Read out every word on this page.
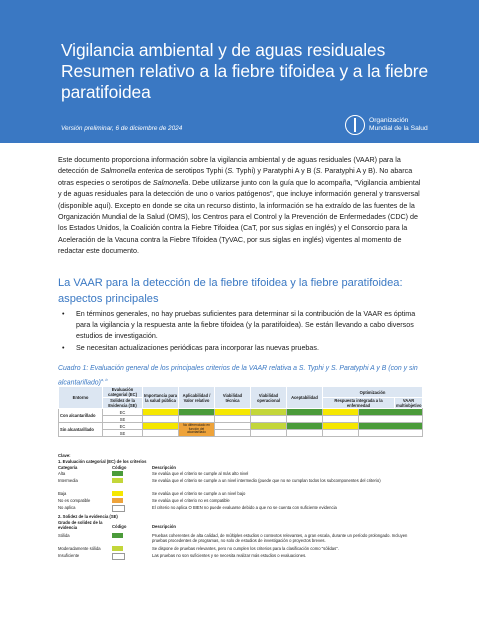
Vigilancia ambiental y de aguas residuales
Resumen relativo a la fiebre tifoidea y a la fiebre
paratifoidea
Versión preliminar, 6 de diciembre de 2024
Organización
Mundial de la Salud
Este documento proporciona información sobre la vigilancia ambiental y de aguas residuales (VAAR) para la detección de Salmonella enterica de serotipos Typhi (S. Typhi) y Paratyphi A y B (S. Paratyphi A y B). No abarca otras especies o serotipos de Salmonella. Debe utilizarse junto con la guía que lo acompaña, "Vigilancia ambiental y de aguas residuales para la detección de uno o varios patógenos", que incluye información general y transversal (disponible aquí). Excepto en donde se cita un recurso distinto, la información se ha extraído de las fuentes de la Organización Mundial de la Salud (OMS), los Centros para el Control y la Prevención de Enfermedades (CDC) de los Estados Unidos, la Coalición contra la Fiebre Tifoidea (CaT, por sus siglas en inglés) y el Consorcio para la Aceleración de la Vacuna contra la Fiebre Tifoidea (TyVAC, por sus siglas en inglés) vigentes al momento de redactar este documento.
La VAAR para la detección de la fiebre tifoidea y la fiebre paratifoidea:
aspectos principales
• En términos generales, no hay pruebas suficientes para determinar si la contribución de la VAAR es óptima para la vigilancia y la respuesta ante la fiebre tifoidea (y la paratifoidea). Se están llevando a cabo diversos estudios de investigación.
• Se necesitan actualizaciones periódicas para incorporar las nuevas pruebas.
Cuadro 1: Evaluación general de los principales criterios de la VAAR relativa a S. Typhi y S. Paratyphi A y B (con y sin alcantarillado)$^{a, b}$
Entorno	Evaluación categorial (EC)	Importancia para la salud pública	Aplicabilidad / Valor relativo	Viabilidad técnica	Viabilidad operacional	Aceptabilidad	Optimización			
	Solidez de la Evidencia (SE)						Respuesta integrada a la enfermedad		VAAR multiobjetivo	
Con alcantarillado	EC									
	SE									
Sin alcantarillado	EC		No diferenciado en función del alcantarillado							
	SE									
Clave:
1. Evaluación categorial (EC) de los criterios
Categoría	Código	Descripción
Alta	Se evalúa que el criterio se cumple al más alto nivel
Intermedia	Se evalúa que el criterio se cumple a un nivel intermedio (puede que no se cumplan todos los subcomponentes del criterio)
Baja	Se evalúa que el criterio se cumple a un nivel bajo
No es compatible	Se evalúa que el criterio no es compatible
No aplica	El criterio no aplica O BIEN no puede evaluarse debido a que no se cuenta con suficiente evidencia
2. Solidez de la evidencia (SE)
Grado de solidez de la evidencia	Código	Descripción
Sólida	Pruebas coherentes de alta calidad, de múltiples estudios o contextos relevantes, a gran escala, durante un período prolongado. Incluyen pruebas procedentes de programas, no solo de estudios de investigación o proyectos breves.
Moderadamente sólida	Se dispone de pruebas relevantes, pero no cumplen los criterios para la clasificación como "sólidas".
Insuficiente	Las pruebas no son suficientes y se necesita realizar más estudios o evaluaciones.
